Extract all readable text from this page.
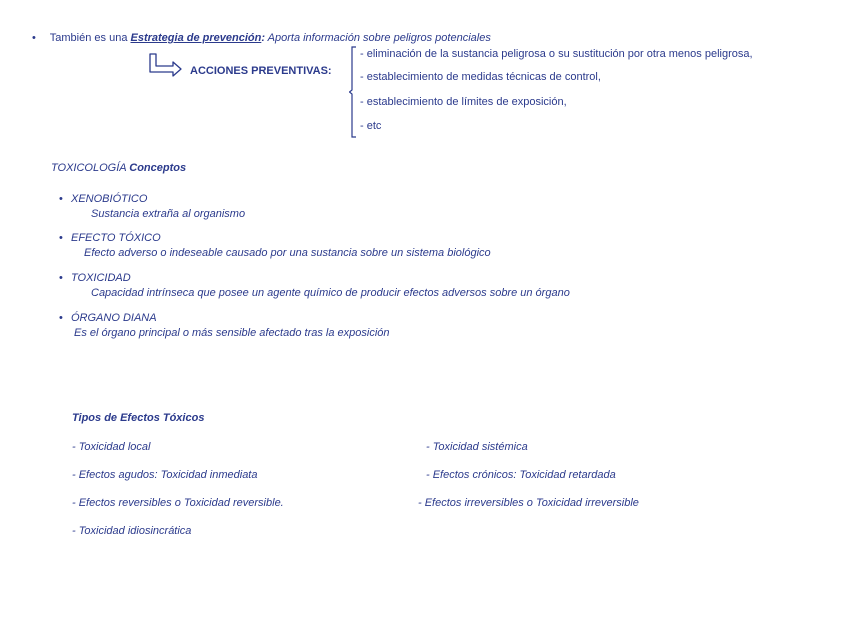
• También es una Estrategia de prevención: Aporta información sobre peligros potenciales
ACCIONES PREVENTIVAS:
- eliminación de la sustancia peligrosa o su sustitución por otra menos peligrosa,
- establecimiento de medidas técnicas de control,
- establecimiento de límites de exposición,
- etc
TOXICOLOGÍA Conceptos
• XENOBIÓTICO
Sustancia extraña al organismo
• EFECTO TÓXICO
Efecto adverso o indeseable causado por una sustancia sobre un sistema biológico
• TOXICIDAD
Capacidad intrínseca que posee un agente químico de producir efectos adversos sobre un órgano
• ÓRGANO DIANA
Es el órgano principal o más sensible afectado tras la exposición
Tipos de Efectos Tóxicos
- Toxicidad local
- Efectos agudos: Toxicidad inmediata
- Efectos reversibles o Toxicidad reversible.
- Toxicidad idiosincrática
- Toxicidad sistémica
- Efectos crónicos: Toxicidad retardada
- Efectos irreversibles o Toxicidad irreversible
